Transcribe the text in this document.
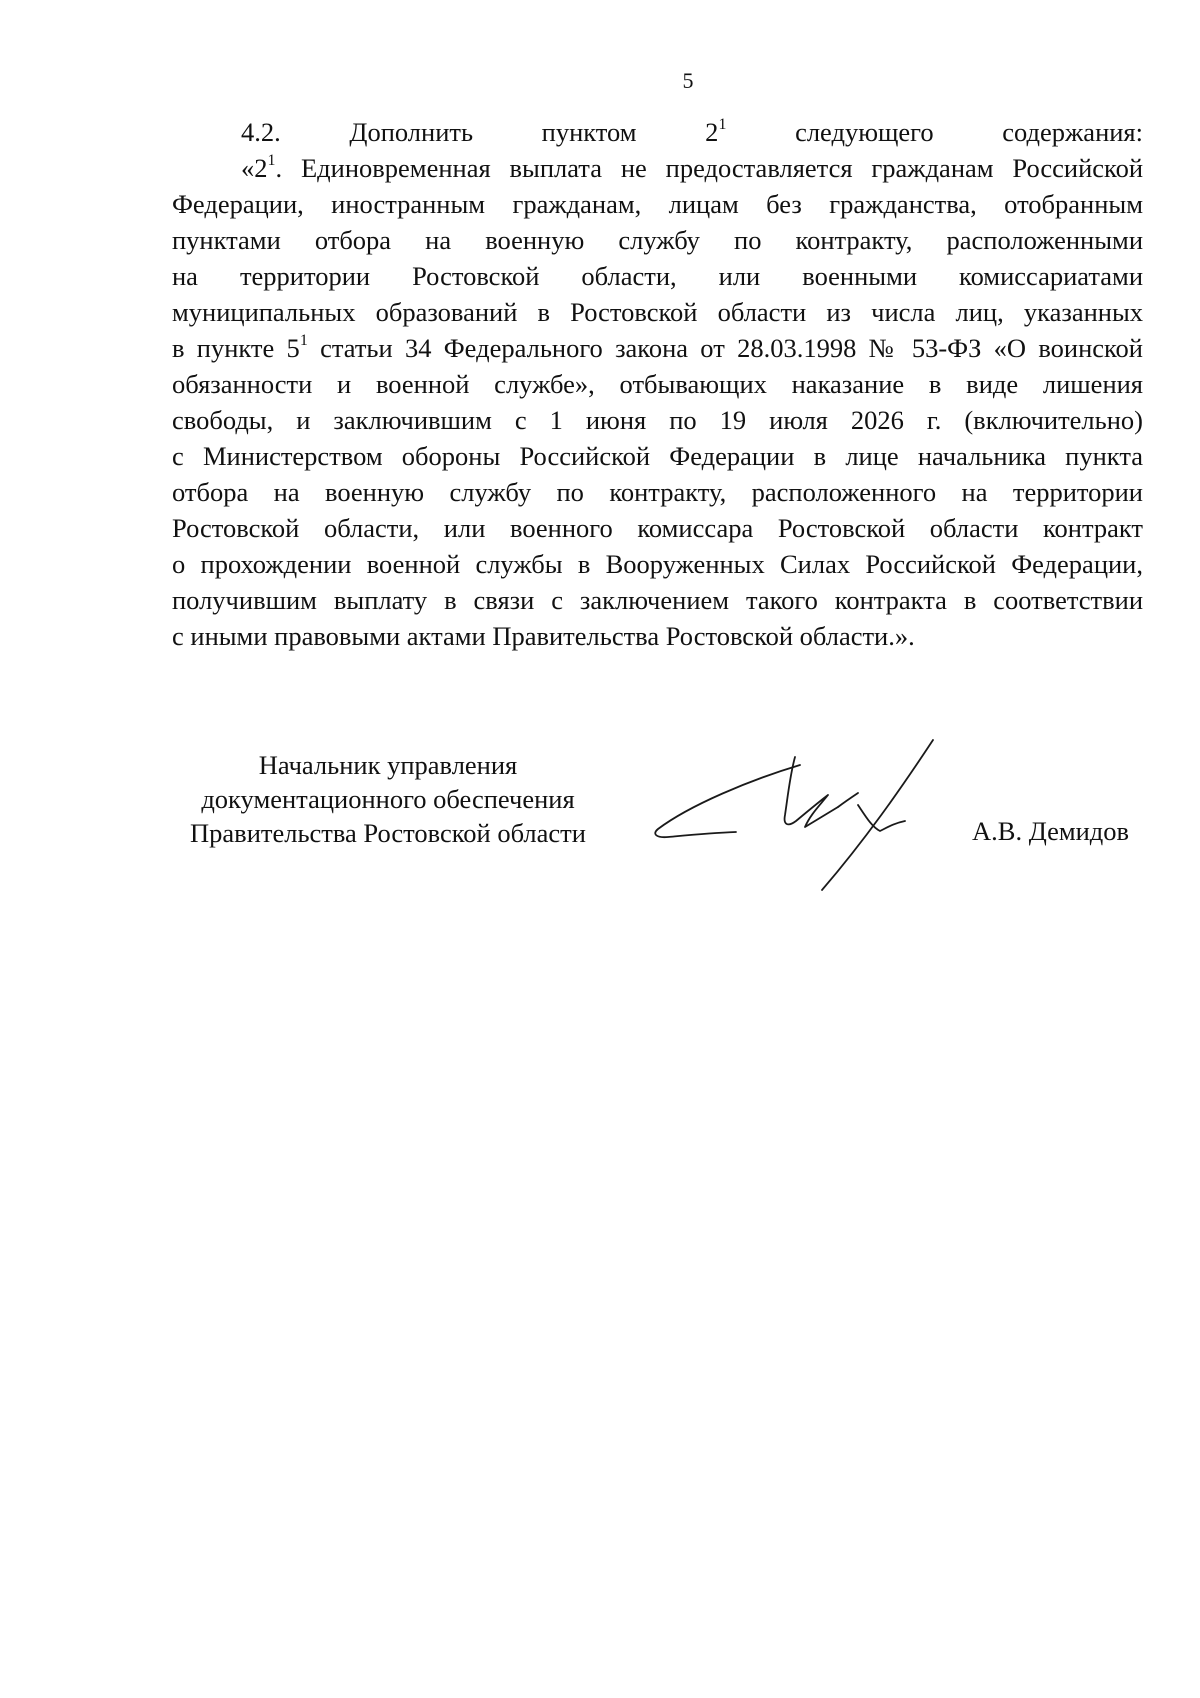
5
4.2. Дополнить пунктом $2^1$ следующего содержания:
«$2^1$. Единовременная выплата не предоставляется гражданам Российской
Федерации, иностранным гражданам, лицам без гражданства, отобранным
пунктами отбора на военную службу по контракту, расположенными
на территории Ростовской области, или военными комиссариатами
муниципальных образований в Ростовской области из числа лиц, указанных
в пункте $5^1$ статьи 34 Федерального закона от 28.03.1998 № 53-ФЗ «О воинской
обязанности и военной службе», отбывающих наказание в виде лишения
свободы, и заключившим с 1 июня по 19 июля 2026 г. (включительно)
с Министерством обороны Российской Федерации в лице начальника пункта
отбора на военную службу по контракту, расположенного на территории
Ростовской области, или военного комиссара Ростовской области контракт
о прохождении военной службы в Вооруженных Силах Российской Федерации,
получившим выплату в связи с заключением такого контракта в соответствии
с иными правовыми актами Правительства Ростовской области.».
Начальник управления
документационного обеспечения
Правительства Ростовской области	А.В. Демидов
